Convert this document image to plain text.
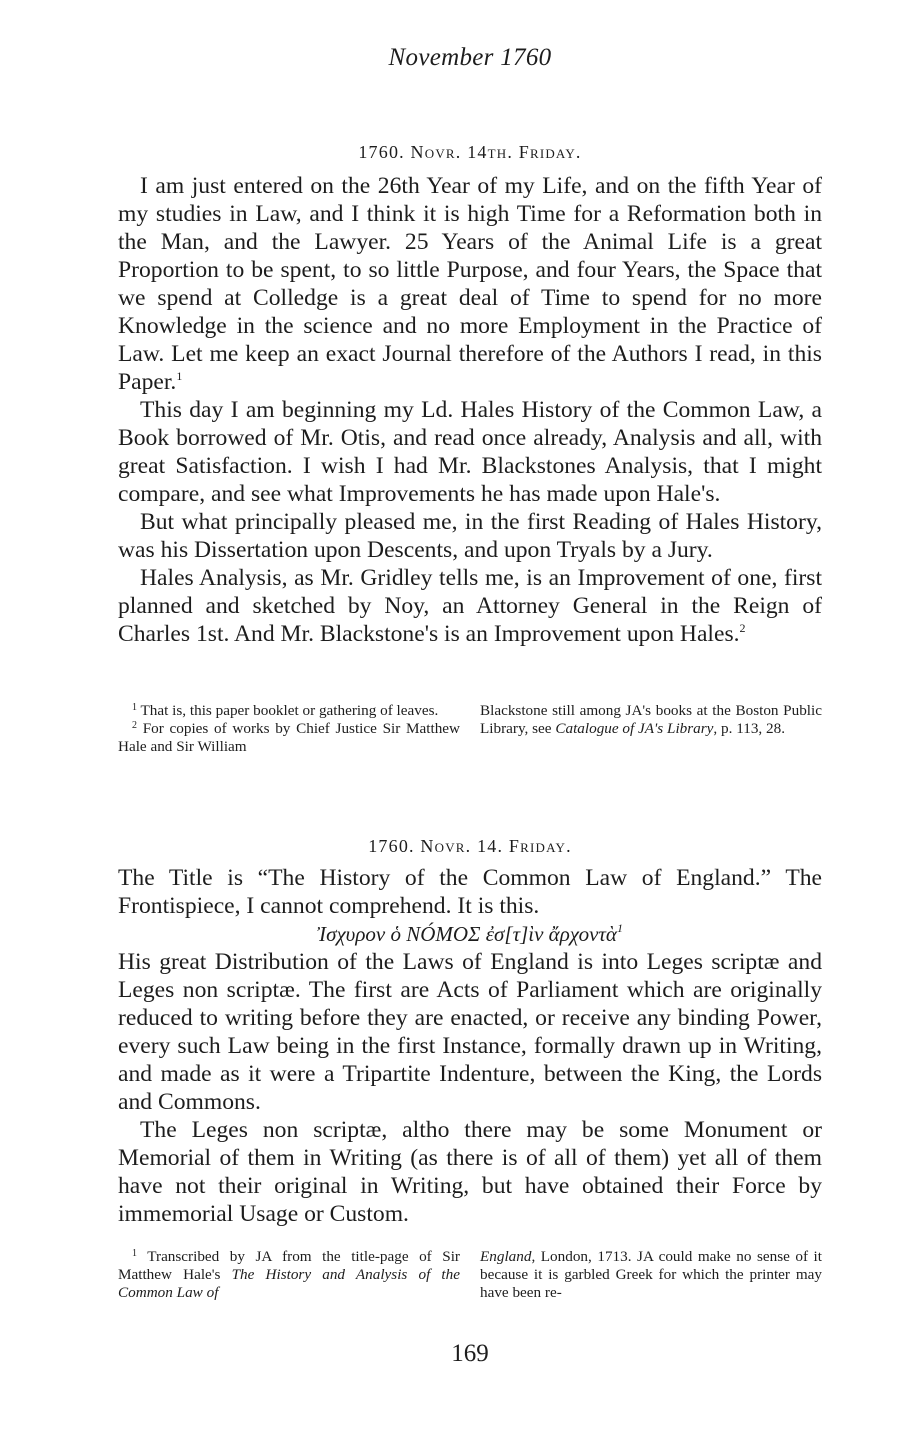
November 1760
1760. Novr. 14th. Friday.

I am just entered on the 26th Year of my Life, and on the fifth Year of my studies in Law, and I think it is high Time for a Reformation both in the Man, and the Lawyer. 25 Years of the Animal Life is a great Proportion to be spent, to so little Purpose, and four Years, the Space that we spend at Colledge is a great deal of Time to spend for no more Knowledge in the science and no more Employment in the Practice of Law. Let me keep an exact Journal therefore of the Authors I read, in this Paper.$^1$

This day I am beginning my Ld. Hales History of the Common Law, a Book borrowed of Mr. Otis, and read once already, Analysis and all, with great Satisfaction. I wish I had Mr. Blackstones Analysis, that I might compare, and see what Improvements he has made upon Hale's.

But what principally pleased me, in the first Reading of Hales History, was his Dissertation upon Descents, and upon Tryals by a Jury.

Hales Analysis, as Mr. Gridley tells me, is an Improvement of one, first planned and sketched by Noy, an Attorney General in the Reign of Charles 1st. And Mr. Blackstone's is an Improvement upon Hales.$^2$

$^1$ That is, this paper booklet or gathering of leaves.

$^2$ For copies of works by Chief Justice Sir Matthew Hale and Sir William

Blackstone still among JA's books at the Boston Public Library, see Catalogue of JA's Library, p. 113, 28.

1760. Novr. 14. Friday.

The Title is “The History of the Common Law of England.” The Frontispiece, I cannot comprehend. It is this.

Ἰσχυρον ὁ NÓMOΣ ἐσ[τ]ὶν ἄρχοντὰ$^1$

His great Distribution of the Laws of England is into Leges scriptæ and Leges non scriptæ. The first are Acts of Parliament which are originally reduced to writing before they are enacted, or receive any binding Power, every such Law being in the first Instance, formally drawn up in Writing, and made as it were a Tripartite Indenture, between the King, the Lords and Commons.

The Leges non scriptæ, altho there may be some Monument or Memorial of them in Writing (as there is of all of them) yet all of them have not their original in Writing, but have obtained their Force by immemorial Usage or Custom.

$^1$ Transcribed by JA from the title-page of Sir Matthew Hale's The History and Analysis of the Common Law of

England, London, 1713. JA could make no sense of it because it is garbled Greek for which the printer may have been re-

169
